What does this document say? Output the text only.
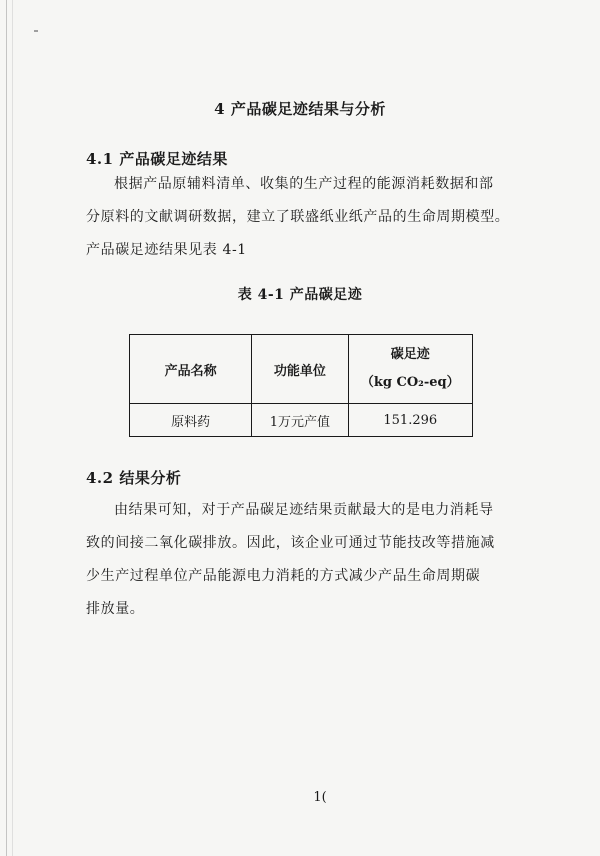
4 产品碳足迹结果与分析
4.1 产品碳足迹结果
根据产品原辅料清单、收集的生产过程的能源消耗数据和部
分原料的文献调研数据，建立了联盛纸业纸产品的生命周期模型。
产品碳足迹结果见表 4-1
表 4-1 产品碳足迹
产品名称	功能单位	碳足迹
（kg CO₂-eq）

原料药	1万元产值	151.296
4.2 结果分析
由结果可知，对于产品碳足迹结果贡献最大的是电力消耗导
致的间接二氧化碳排放。因此，该企业可通过节能技改等措施减
少生产过程单位产品能源电力消耗的方式减少产品生命周期碳
排放量。
1(
